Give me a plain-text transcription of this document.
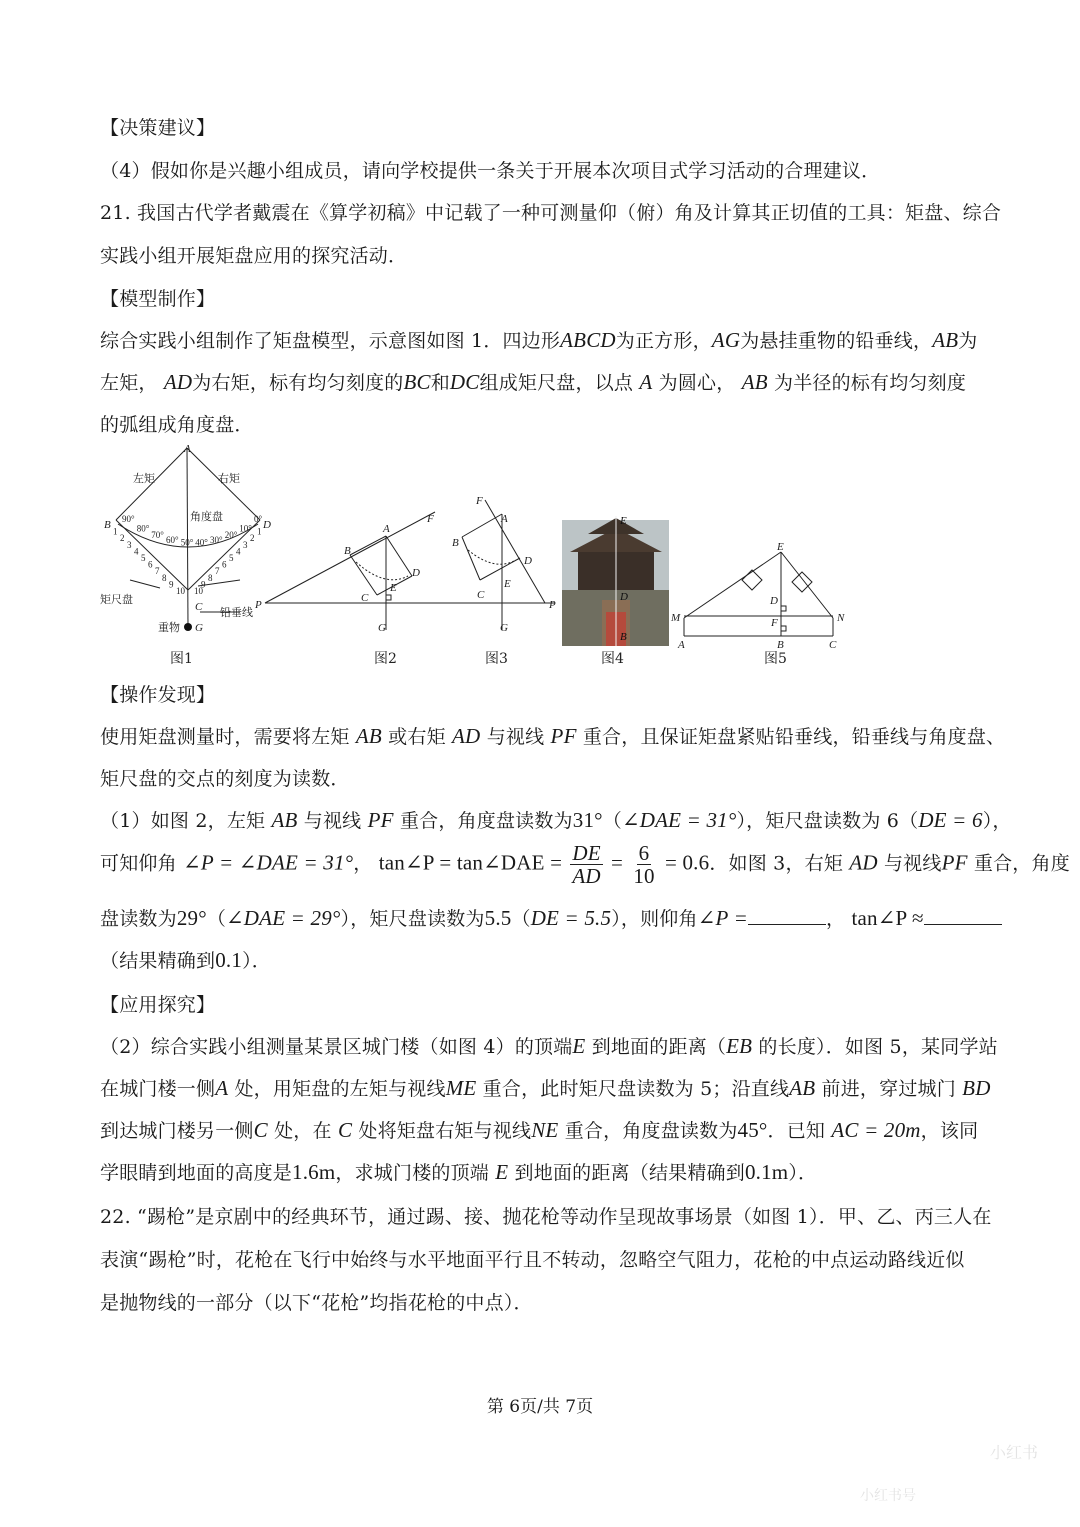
【决策建议】
（4）假如你是兴趣小组成员，请向学校提供一条关于开展本次项目式学习活动的合理建议．
21. 我国古代学者戴震在《算学初稿》中记载了一种可测量仰（俯）角及计算其正切值的工具：矩盘、综合
实践小组开展矩盘应用的探究活动．
【模型制作】
综合实践小组制作了矩盘模型，示意图如图 1．四边形ABCD为正方形，AG为悬挂重物的铅垂线，AB为
左矩， AD为右矩，标有均匀刻度的BC和DC组成矩尺盘，以点 A 为圆心， AB 为半径的标有均匀刻度
的弧组成角度盘．
A
B	D
C
G
左矩	右矩
角度盘
矩尺盘
铅垂线
重物
90°
80°
70° 60° 50° 40° 30° 20°
10°
0°
1
2
3
4
5
6
7
8
9
10
1
2
3
4
5
6
7
8
9
10
P
A
F
B
D
C
E
G
F
A
B
D
E
C
P
G
E
D
B
E
D
M	N
F
A	B	C
图1	图2	图3	图4	图5
【操作发现】
使用矩盘测量时，需要将左矩 AB 或右矩 AD 与视线 PF 重合，且保证矩盘紧贴铅垂线，铅垂线与角度盘、
矩尺盘的交点的刻度为读数．
（1）如图 2，左矩 AB 与视线 PF 重合，角度盘读数为31°（∠DAE = 31°），矩尺盘读数为 6（DE = 6），
可知仰角 ∠P = ∠DAE = 31°， tan∠P = tan∠DAE = $\frac{DE}{AD} = \frac{6}{10} = 0.6$．如图 3，右矩 AD 与视线PF 重合，角度
盘读数为29°（∠DAE = 29°），矩尺盘读数为5.5（DE = 5.5），则仰角∠P =	， tan∠P ≈
（结果精确到0.1）．
【应用探究】
（2）综合实践小组测量某景区城门楼（如图 4）的顶端E 到地面的距离（EB 的长度）．如图 5，某同学站
在城门楼一侧A 处，用矩盘的左矩与视线ME 重合，此时矩尺盘读数为 5；沿直线AB 前进，穿过城门 BD
到达城门楼另一侧C 处，在 C 处将矩盘右矩与视线NE 重合，角度盘读数为45°．已知 AC = 20m，该同
学眼睛到地面的高度是1.6m，求城门楼的顶端 E 到地面的距离（结果精确到0.1m）．
22. “踢枪”是京剧中的经典环节，通过踢、接、抛花枪等动作呈现故事场景（如图 1）．甲、乙、丙三人在
表演“踢枪”时，花枪在飞行中始终与水平地面平行且不转动，忽略空气阻力，花枪的中点运动路线近似
是抛物线的一部分（以下“花枪”均指花枪的中点）．
第 6页/共 7页
小红书
小红书号
